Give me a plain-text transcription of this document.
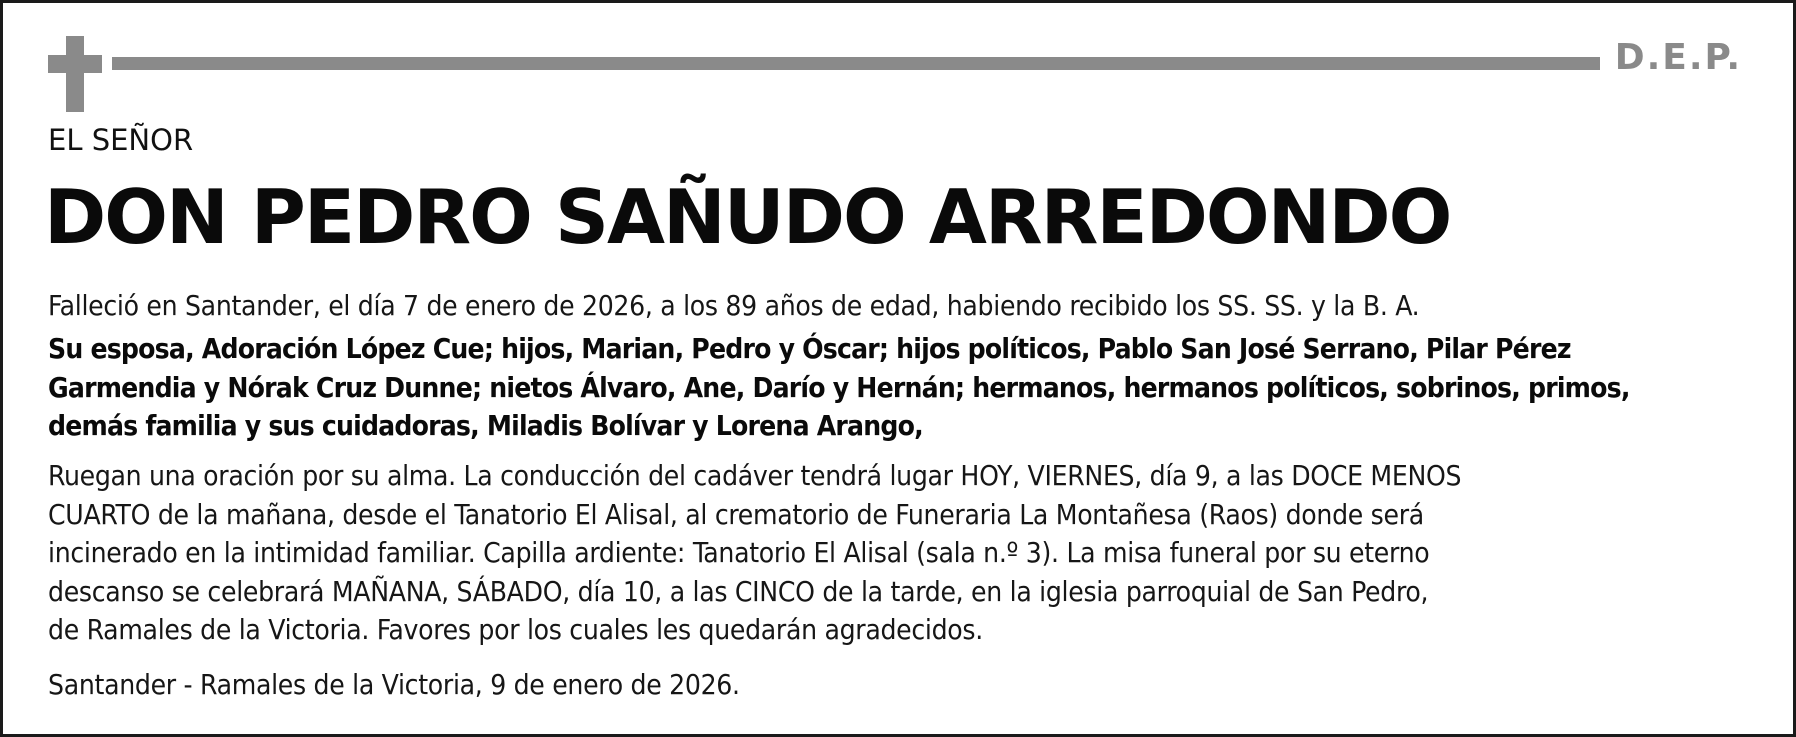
D.E.P.
EL SEÑOR
DON PEDRO SAÑUDO ARREDONDO
Falleció en Santander, el día 7 de enero de 2026, a los 89 años de edad, habiendo recibido los SS. SS. y la B. A.
Su esposa, Adoración López Cue; hijos, Marian, Pedro y Óscar; hijos políticos, Pablo San José Serrano, Pilar Pérez
Garmendia y Nórak Cruz Dunne; nietos Álvaro, Ane, Darío y Hernán; hermanos, hermanos políticos, sobrinos, primos,
demás familia y sus cuidadoras, Miladis Bolívar y Lorena Arango,
Ruegan una oración por su alma. La conducción del cadáver tendrá lugar HOY, VIERNES, día 9, a las DOCE MENOS
CUARTO de la mañana, desde el Tanatorio El Alisal, al crematorio de Funeraria La Montañesa (Raos) donde será
incinerado en la intimidad familiar. Capilla ardiente: Tanatorio El Alisal (sala n.º 3). La misa funeral por su eterno
descanso se celebrará MAÑANA, SÁBADO, día 10, a las CINCO de la tarde, en la iglesia parroquial de San Pedro,
de Ramales de la Victoria. Favores por los cuales les quedarán agradecidos.
Santander - Ramales de la Victoria, 9 de enero de 2026.
